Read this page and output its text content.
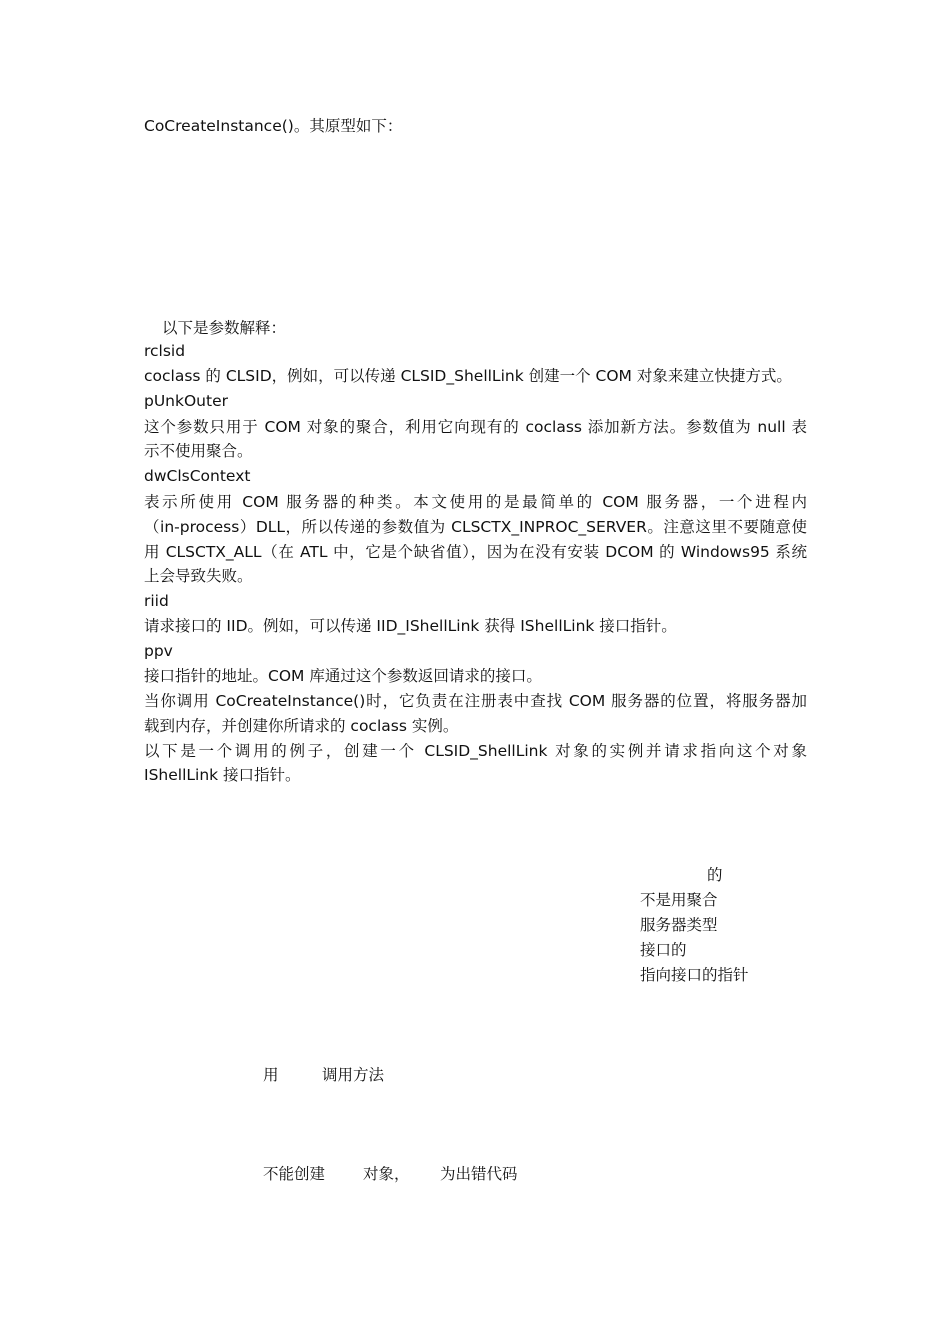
CoCreateInstance()。其原型如下：
以下是参数解释：
rclsid
coclass 的 CLSID，例如，可以传递 CLSID_ShellLink 创建一个 COM 对象来建立快捷方式。
pUnkOuter
这个参数只用于 COM 对象的聚合，利用它向现有的 coclass 添加新方法。参数值为 null 表
示不使用聚合。
dwClsContext
表示所使用 COM 服务器的种类。本文使用的是最简单的 COM 服务器，一个进程内
（in-process）DLL，所以传递的参数值为 CLSCTX_INPROC_SERVER。注意这里不要随意使
用 CLSCTX_ALL（在 ATL 中，它是个缺省值），因为在没有安装 DCOM 的 Windows95 系统
上会导致失败。
riid
请求接口的 IID。例如，可以传递 IID_IShellLink 获得 IShellLink 接口指针。
ppv
接口指针的地址。COM 库通过这个参数返回请求的接口。
当你调用 CoCreateInstance()时，它负责在注册表中查找 COM 服务器的位置，将服务器加
载到内存，并创建你所请求的 coclass 实例。
以下是一个调用的例子，创建一个 CLSID_ShellLink 对象的实例并请求指向这个对象
IShellLink 接口指针。
的
不是用聚合
服务器类型
接口的
指向接口的指针
用	调用方法
不能创建 对象， 为出错代码
